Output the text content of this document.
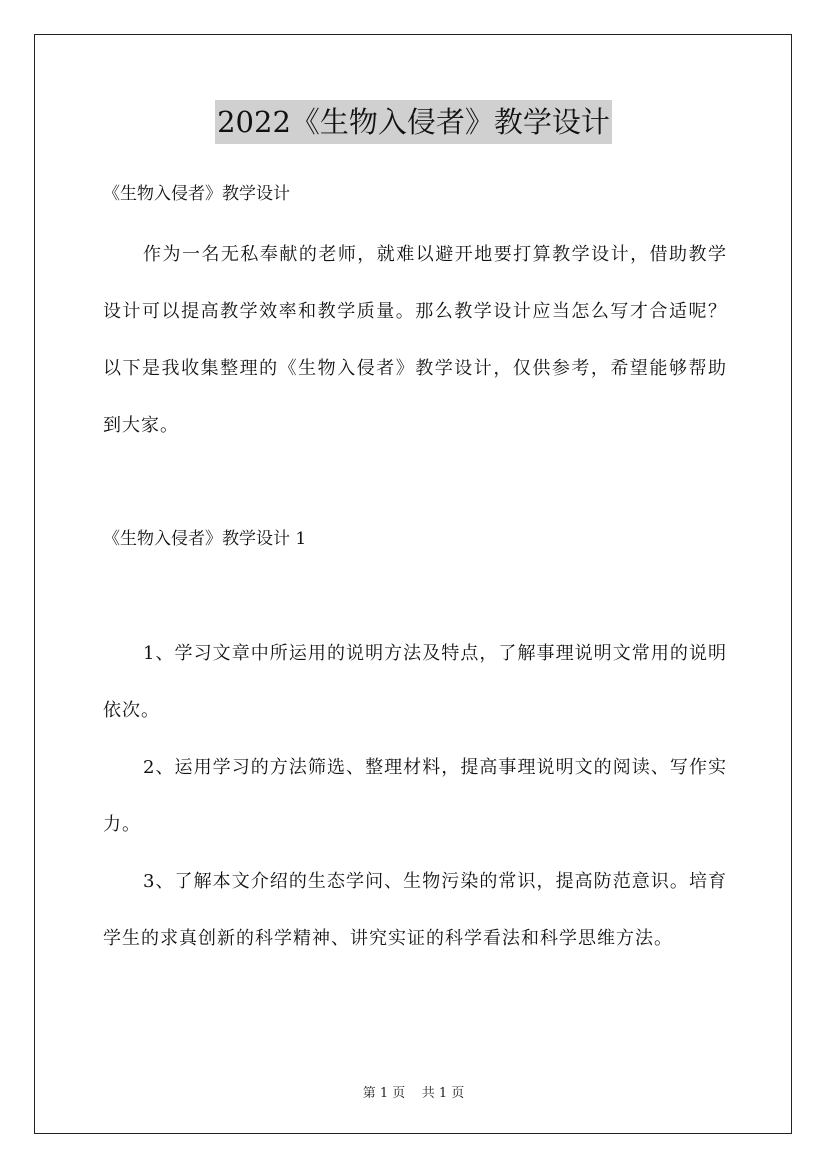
2022《生物入侵者》教学设计

《生物入侵者》教学设计

作为一名无私奉献的老师，就难以避开地要打算教学设计，借助教学设计可以提高教学效率和教学质量。那么教学设计应当怎么写才合适呢？以下是我收集整理的《生物入侵者》教学设计，仅供参考，希望能够帮助到大家。

《生物入侵者》教学设计 1

1、学习文章中所运用的说明方法及特点，了解事理说明文常用的说明依次。

2、运用学习的方法筛选、整理材料，提高事理说明文的阅读、写作实力。

3、了解本文介绍的生态学问、生物污染的常识，提高防范意识。培育学生的求真创新的科学精神、讲究实证的科学看法和科学思维方法。

第 1 页 共 1 页
